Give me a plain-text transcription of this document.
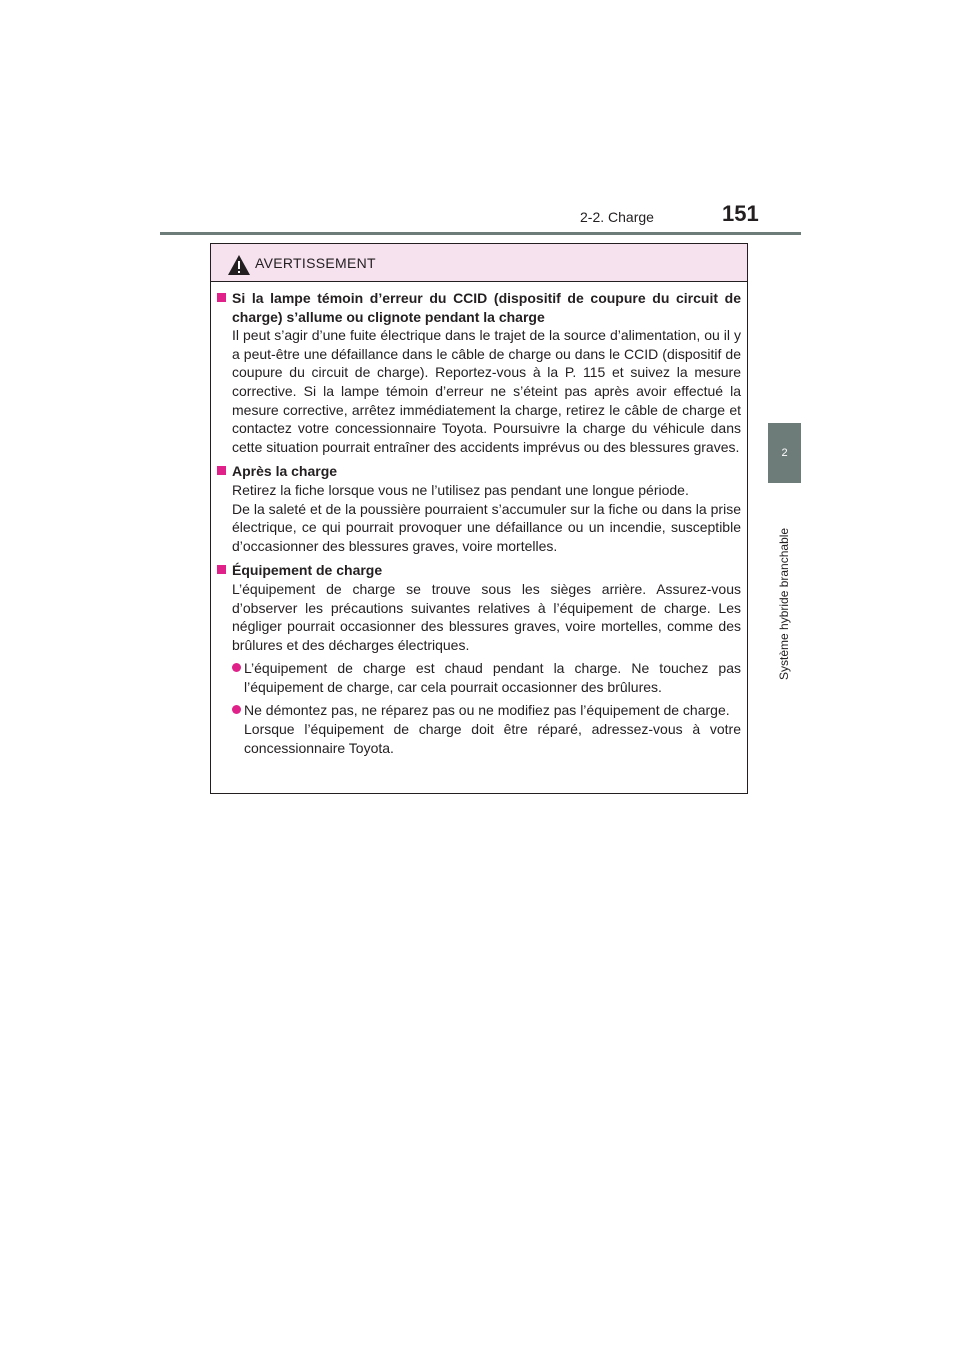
2-2. Charge	151
2
Système hybride branchable
AVERTISSEMENT
Si la lampe témoin d’erreur du CCID (dispositif de coupure du circuit de charge) s’allume ou clignote pendant la charge
Il peut s’agir d’une fuite électrique dans le trajet de la source d’alimentation, ou il y a peut-être une défaillance dans le câble de charge ou dans le CCID (dispositif de coupure du circuit de charge). Reportez-vous à la P. 115 et suivez la mesure corrective. Si la lampe témoin d’erreur ne s’éteint pas après avoir effectué la mesure corrective, arrêtez immédiatement la charge, retirez le câble de charge et contactez votre concessionnaire Toyota. Poursuivre la charge du véhicule dans cette situation pourrait entraîner des accidents imprévus ou des blessures graves.
Après la charge
Retirez la fiche lorsque vous ne l’utilisez pas pendant une longue période.
De la saleté et de la poussière pourraient s’accumuler sur la fiche ou dans la prise électrique, ce qui pourrait provoquer une défaillance ou un incendie, susceptible d’occasionner des blessures graves, voire mortelles.
Équipement de charge
L’équipement de charge se trouve sous les sièges arrière. Assurez-vous d’observer les précautions suivantes relatives à l’équipement de charge. Les négliger pourrait occasionner des blessures graves, voire mortelles, comme des brûlures et des décharges électriques.
L’équipement de charge est chaud pendant la charge. Ne touchez pas l’équipement de charge, car cela pourrait occasionner des brûlures.
Ne démontez pas, ne réparez pas ou ne modifiez pas l’équipement de charge.
Lorsque l’équipement de charge doit être réparé, adressez-vous à votre concessionnaire Toyota.
